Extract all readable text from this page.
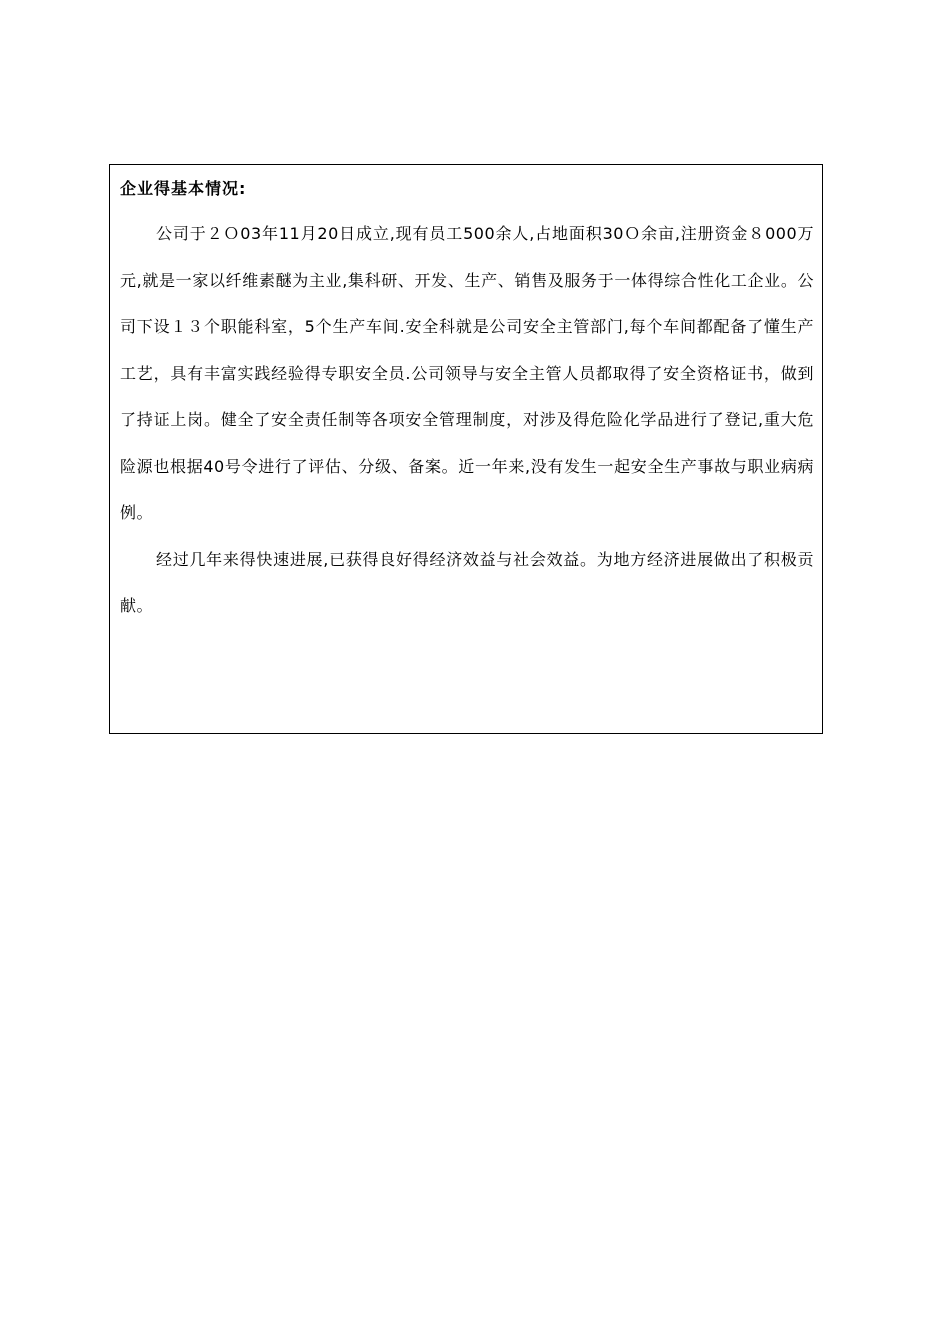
企业得基本情况:

公司于２Ｏ03年11月20日成立,现有员工500余人,占地面积30Ｏ余亩,注册资金８000万元,就是一家以纤维素醚为主业,集科研、开发、生产、销售及服务于一体得综合性化工企业。公司下设１３个职能科室，5个生产车间.安全科就是公司安全主管部门,每个车间都配备了懂生产工艺，具有丰富实践经验得专职安全员.公司领导与安全主管人员都取得了安全资格证书，做到了持证上岗。健全了安全责任制等各项安全管理制度，对涉及得危险化学品进行了登记,重大危险源也根据40号令进行了评估、分级、备案。近一年来,没有发生一起安全生产事故与职业病病例。

经过几年来得快速进展,已获得良好得经济效益与社会效益。为地方经济进展做出了积极贡献。
